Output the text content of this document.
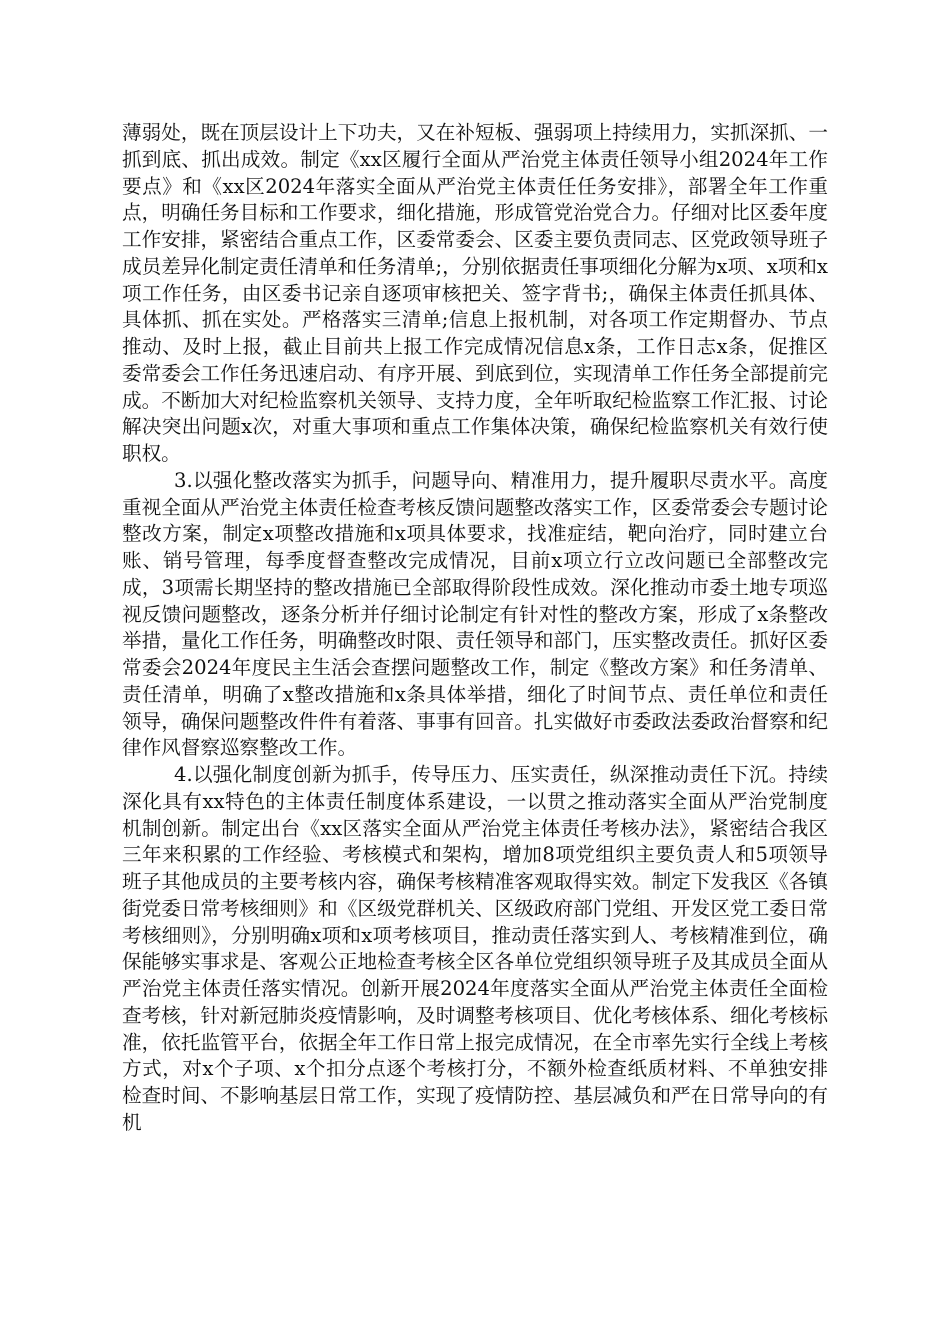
薄弱处，既在顶层设计上下功夫，又在补短板、强弱项上持续用力，实抓深抓、一抓到底、抓出成效。制定《xx区履行全面从严治党主体责任领导小组2024年工作要点》和《xx区2024年落实全面从严治党主体责任任务安排》，部署全年工作重点，明确任务目标和工作要求，细化措施，形成管党治党合力。仔细对比区委年度工作安排，紧密结合重点工作，区委常委会、区委主要负责同志、区党政领导班子成员差异化制定责任清单和任务清单;，分别依据责任事项细化分解为x项、x项和x项工作任务，由区委书记亲自逐项审核把关、签字背书;，确保主体责任抓具体、具体抓、抓在实处。严格落实三清单;信息上报机制，对各项工作定期督办、节点推动、及时上报，截止目前共上报工作完成情况信息x条，工作日志x条，促推区委常委会工作任务迅速启动、有序开展、到底到位，实现清单工作任务全部提前完成。不断加大对纪检监察机关领导、支持力度，全年听取纪检监察工作汇报、讨论解决突出问题x次，对重大事项和重点工作集体决策，确保纪检监察机关有效行使职权。

3.以强化整改落实为抓手，问题导向、精准用力，提升履职尽责水平。高度重视全面从严治党主体责任检查考核反馈问题整改落实工作，区委常委会专题讨论整改方案，制定x项整改措施和x项具体要求，找准症结，靶向治疗，同时建立台账、销号管理，每季度督查整改完成情况，目前x项立行立改问题已全部整改完成，3项需长期坚持的整改措施已全部取得阶段性成效。深化推动市委土地专项巡视反馈问题整改，逐条分析并仔细讨论制定有针对性的整改方案，形成了x条整改举措，量化工作任务，明确整改时限、责任领导和部门，压实整改责任。抓好区委常委会2024年度民主生活会查摆问题整改工作，制定《整改方案》和任务清单、责任清单，明确了x整改措施和x条具体举措，细化了时间节点、责任单位和责任领导，确保问题整改件件有着落、事事有回音。扎实做好市委政法委政治督察和纪律作风督察巡察整改工作。

4.以强化制度创新为抓手，传导压力、压实责任，纵深推动责任下沉。持续深化具有xx特色的主体责任制度体系建设，一以贯之推动落实全面从严治党制度机制创新。制定出台《xx区落实全面从严治党主体责任考核办法》，紧密结合我区三年来积累的工作经验、考核模式和架构，增加8项党组织主要负责人和5项领导班子其他成员的主要考核内容，确保考核精准客观取得实效。制定下发我区《各镇街党委日常考核细则》和《区级党群机关、区级政府部门党组、开发区党工委日常考核细则》，分别明确x项和x项考核项目，推动责任落实到人、考核精准到位，确保能够实事求是、客观公正地检查考核全区各单位党组织领导班子及其成员全面从严治党主体责任落实情况。创新开展2024年度落实全面从严治党主体责任全面检查考核，针对新冠肺炎疫情影响，及时调整考核项目、优化考核体系、细化考核标准，依托监管平台，依据全年工作日常上报完成情况，在全市率先实行全线上考核方式，对x个子项、x个扣分点逐个考核打分，不额外检查纸质材料、不单独安排检查时间、不影响基层日常工作，实现了疫情防控、基层减负和严在日常导向的有机
